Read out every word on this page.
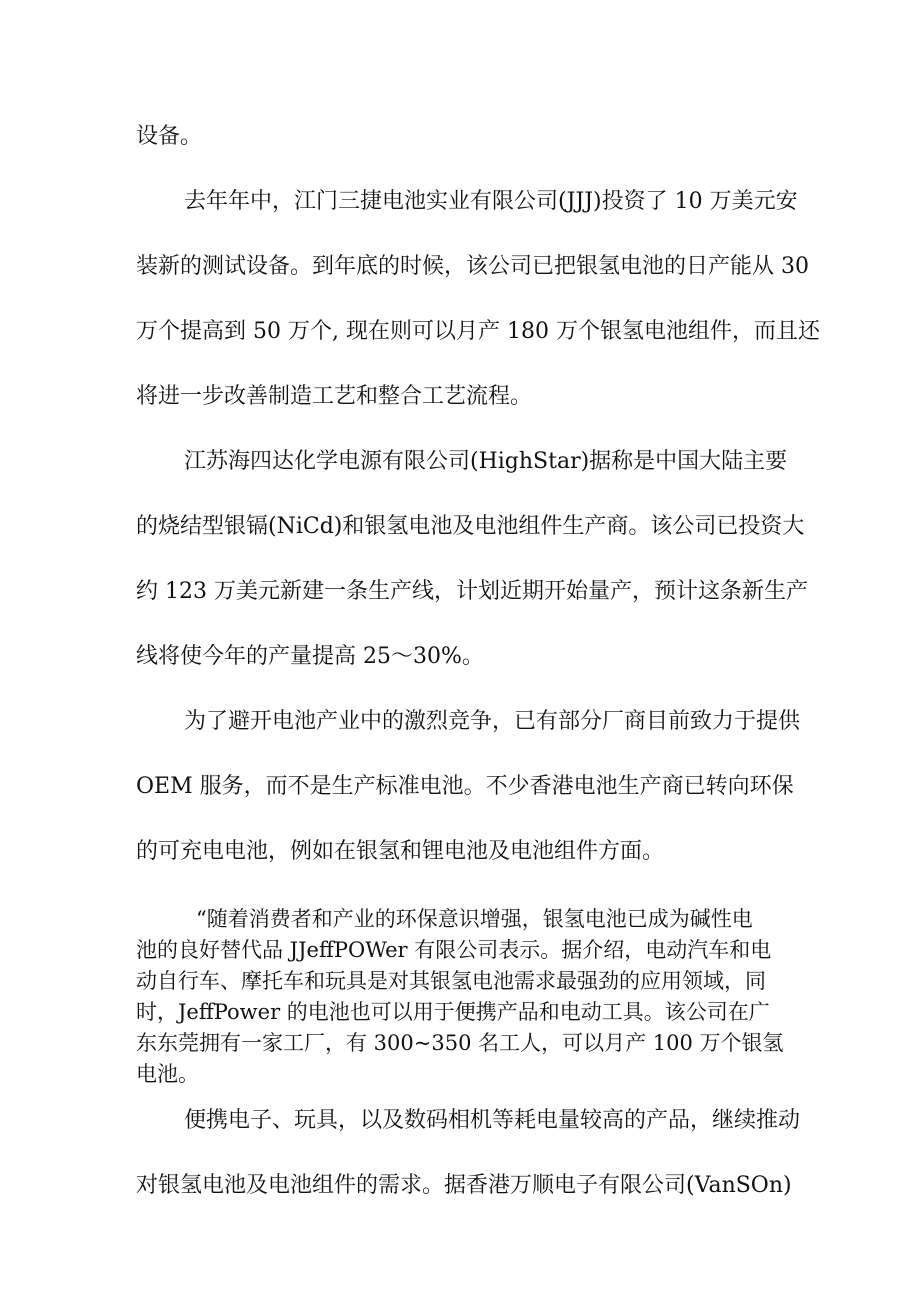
设备。

去年年中，江门三捷电池实业有限公司(JJJ)投资了 10 万美元安

装新的测试设备。到年底的时候，该公司已把银氢电池的日产能从 30

万个提高到 50 万个, 现在则可以月产 180 万个银氢电池组件，而且还

将进一步改善制造工艺和整合工艺流程。

江苏海四达化学电源有限公司(HighStar)据称是中国大陆主要

的烧结型银镉(NiCd)和银氢电池及电池组件生产商。该公司已投资大

约 123 万美元新建一条生产线，计划近期开始量产，预计这条新生产

线将使今年的产量提高 25～30%。

为了避开电池产业中的激烈竞争，已有部分厂商目前致力于提供

OEM 服务，而不是生产标准电池。不少香港电池生产商已转向环保

的可充电电池，例如在银氢和锂电池及电池组件方面。

“随着消费者和产业的环保意识增强，银氢电池已成为碱性电

池的良好替代品 JJeffPOWer 有限公司表示。据介绍，电动汽车和电

动自行车、摩托车和玩具是对其银氢电池需求最强劲的应用领域，同

时，JeffPower 的电池也可以用于便携产品和电动工具。该公司在广

东东莞拥有一家工厂，有 300~350 名工人，可以月产 100 万个银氢

电池。

便携电子、玩具，以及数码相机等耗电量较高的产品，继续推动

对银氢电池及电池组件的需求。据香港万顺电子有限公司(VanSOn)
